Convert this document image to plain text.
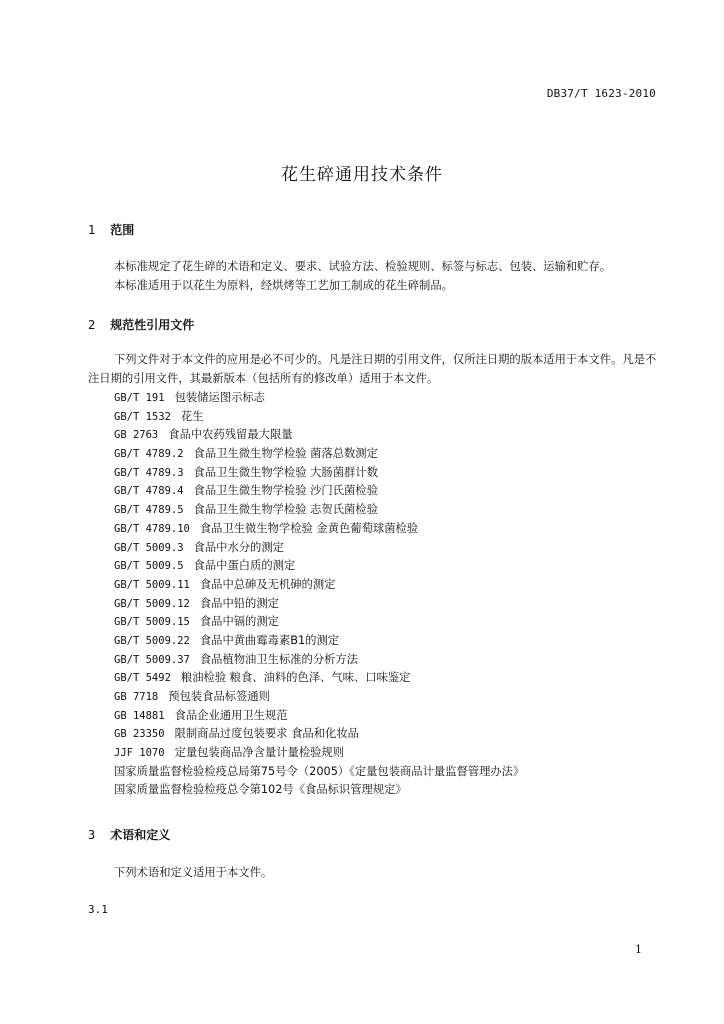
DB37/T 1623-2010
花生碎通用技术条件
1 范围
本标准规定了花生碎的术语和定义、要求、试验方法、检验规则、标签与标志、包装、运输和贮存。
本标准适用于以花生为原料，经烘烤等工艺加工制成的花生碎制品。
2 规范性引用文件
下列文件对于本文件的应用是必不可少的。凡是注日期的引用文件，仅所注日期的版本适用于本文件。凡是不注日期的引用文件，其最新版本（包括所有的修改单）适用于本文件。
GB/T 191 包装储运图示标志
GB/T 1532 花生
GB 2763 食品中农药残留最大限量
GB/T 4789.2 食品卫生微生物学检验 菌落总数测定
GB/T 4789.3 食品卫生微生物学检验 大肠菌群计数
GB/T 4789.4 食品卫生微生物学检验 沙门氏菌检验
GB/T 4789.5 食品卫生微生物学检验 志贺氏菌检验
GB/T 4789.10 食品卫生微生物学检验 金黄色葡萄球菌检验
GB/T 5009.3 食品中水分的测定
GB/T 5009.5 食品中蛋白质的测定
GB/T 5009.11 食品中总砷及无机砷的测定
GB/T 5009.12 食品中铅的测定
GB/T 5009.15 食品中镉的测定
GB/T 5009.22 食品中黄曲霉毒素B1的测定
GB/T 5009.37 食品植物油卫生标准的分析方法
GB/T 5492 粮油检验 粮食、油料的色泽、气味、口味鉴定
GB 7718 预包装食品标签通则
GB 14881 食品企业通用卫生规范
GB 23350 限制商品过度包装要求 食品和化妆品
JJF 1070 定量包装商品净含量计量检验规则
国家质量监督检验检疫总局第75号令（2005）《定量包装商品计量监督管理办法》
国家质量监督检验检疫总令第102号《食品标识管理规定》
3 术语和定义
下列术语和定义适用于本文件。
3.1
1
